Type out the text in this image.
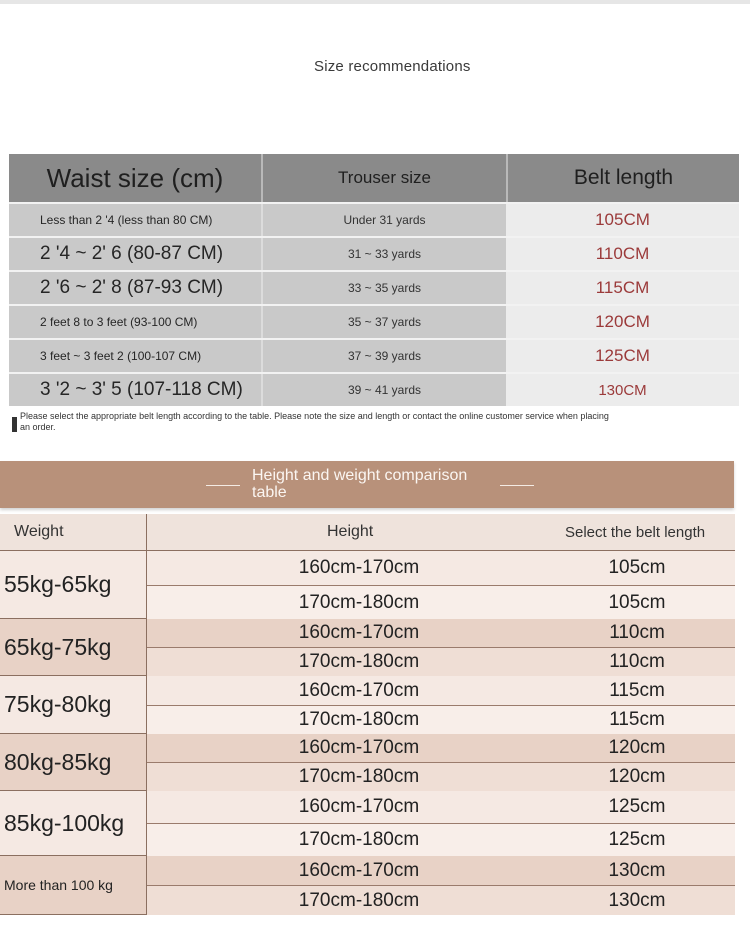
Size recommendations
Waist size (cm)	Trouser size	Belt length
Less than 2 '4 (less than 80 CM)	Under 31 yards	105CM
2 '4 ~ 2' 6 (80-87 CM)	31 ~ 33 yards	110CM
2 '6 ~ 2' 8 (87-93 CM)	33 ~ 35 yards	115CM
2 feet 8 to 3 feet (93-100 CM)	35 ~ 37 yards	120CM
3 feet ~ 3 feet 2 (100-107 CM)	37 ~ 39 yards	125CM
3 '2 ~ 3' 5 (107-118 CM)	39 ~ 41 yards	130CM
Please select the appropriate belt length according to the table. Please note the size and length or contact the online customer service when placing an order.
Height and weight comparison table
Weight	Height	Select the belt length
55kg-65kg
160cm-170cm	105cm
170cm-180cm	105cm
65kg-75kg
160cm-170cm	110cm
170cm-180cm	110cm
75kg-80kg
160cm-170cm	115cm
170cm-180cm	115cm
80kg-85kg
160cm-170cm	120cm
170cm-180cm	120cm
85kg-100kg
160cm-170cm	125cm
170cm-180cm	125cm
More than 100 kg
160cm-170cm	130cm
170cm-180cm	130cm
